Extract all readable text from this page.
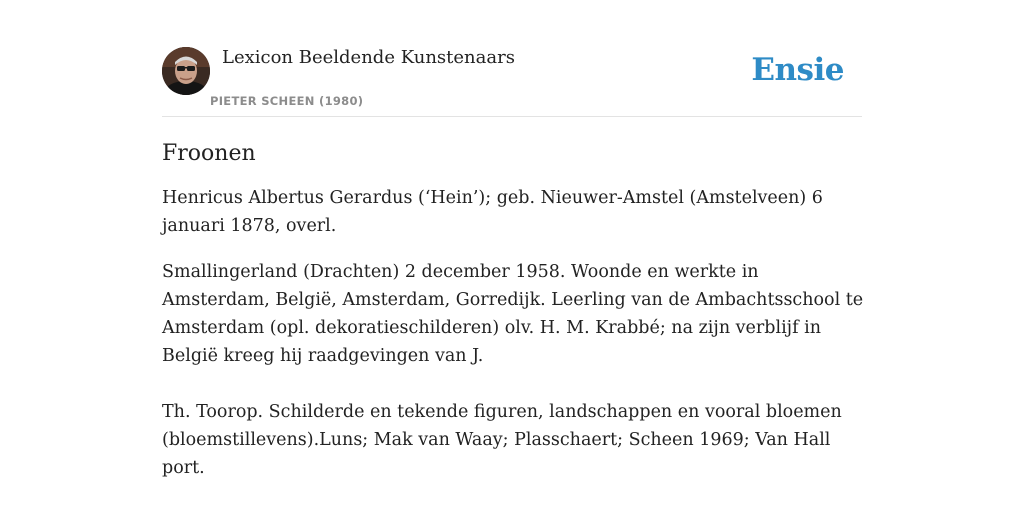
Lexicon Beeldende Kunstenaars
PIETER SCHEEN (1980)
Ensie
Froonen

Henricus Albertus Gerardus (‘Hein’); geb. Nieuwer-Amstel (Amstelveen) 6 januari 1878, overl.

Smallingerland (Drachten) 2 december 1958. Woonde en werkte in Amsterdam, België, Amsterdam, Gorredijk. Leerling van de Ambachtsschool te Amsterdam (opl. dekoratieschilderen) olv. H. M. Krabbé; na zijn verblijf in België kreeg hij raadgevingen van J.

Th. Toorop. Schilderde en tekende figuren, landschappen en vooral bloemen (bloemstillevens).Luns; Mak van Waay; Plasschaert; Scheen 1969; Van Hall port.
